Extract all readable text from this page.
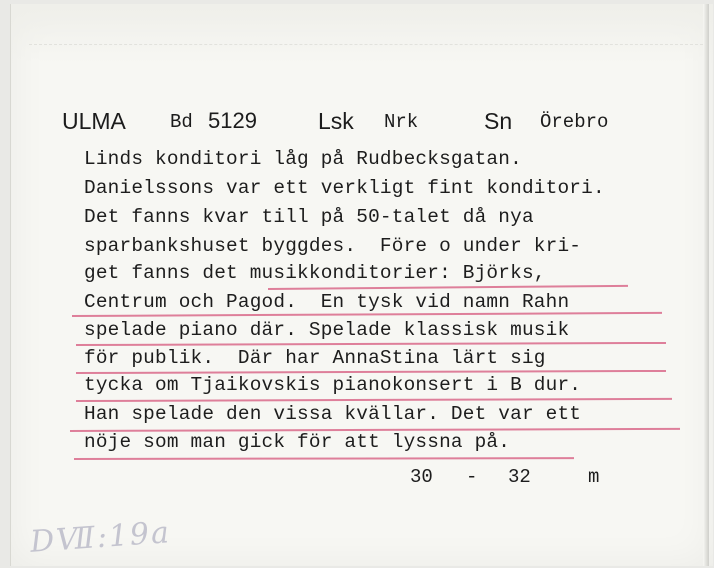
ULMA Bd 5129	Lsk Nrk	Sn Örebro
Linds konditori låg på Rudbecksgatan.
Danielssons var ett verkligt fint konditori.
Det fanns kvar till på 50-talet då nya
sparbankshuset byggdes.  Före o under kri-
get fanns det musikkonditorier: Björks,
Centrum och Pagod.  En tysk vid namn Rahn
spelade piano där. Spelade klassisk musik
för publik.  Där har AnnaStina lärt sig
tycka om Tjaikovskis pianokonsert i B dur.
Han spelade den vissa kvällar. Det var ett
nöje som man gick för att lyssna på.
30 - 32	m
DⅦ:19a
